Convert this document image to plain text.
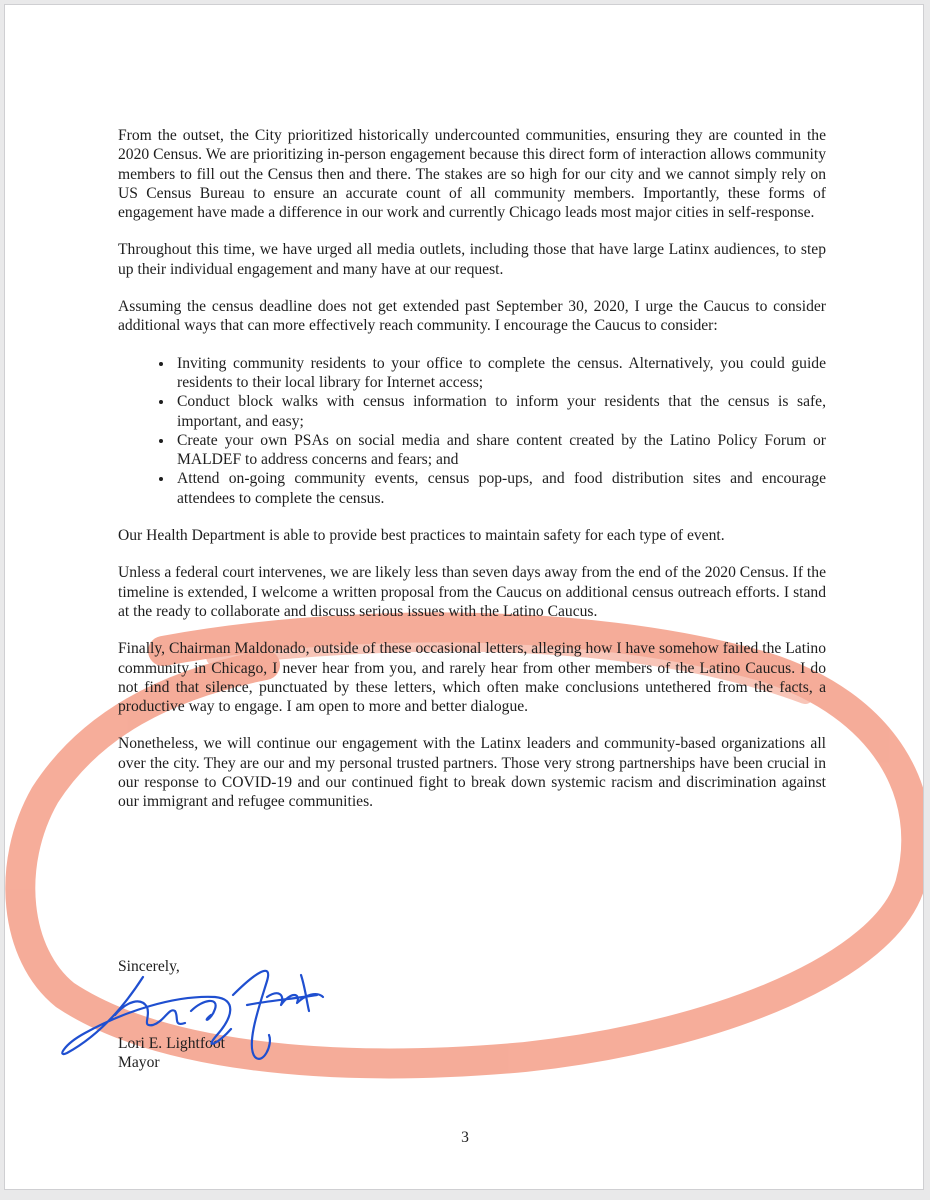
From the outset, the City prioritized historically undercounted communities, ensuring they are counted in the 2020 Census. We are prioritizing in-person engagement because this direct form of interaction allows community members to fill out the Census then and there. The stakes are so high for our city and we cannot simply rely on US Census Bureau to ensure an accurate count of all community members. Importantly, these forms of engagement have made a difference in our work and currently Chicago leads most major cities in self-response.

Throughout this time, we have urged all media outlets, including those that have large Latinx audiences, to step up their individual engagement and many have at our request.

Assuming the census deadline does not get extended past September 30, 2020, I urge the Caucus to consider additional ways that can more effectively reach community. I encourage the Caucus to consider:

• Inviting community residents to your office to complete the census. Alternatively, you could guide residents to their local library for Internet access;
• Conduct block walks with census information to inform your residents that the census is safe, important, and easy;
• Create your own PSAs on social media and share content created by the Latino Policy Forum or MALDEF to address concerns and fears; and
• Attend on-going community events, census pop-ups, and food distribution sites and encourage attendees to complete the census.

Our Health Department is able to provide best practices to maintain safety for each type of event.

Unless a federal court intervenes, we are likely less than seven days away from the end of the 2020 Census. If the timeline is extended, I welcome a written proposal from the Caucus on additional census outreach efforts. I stand at the ready to collaborate and discuss serious issues with the Latino Caucus.

Finally, Chairman Maldonado, outside of these occasional letters, alleging how I have somehow failed the Latino community in Chicago, I never hear from you, and rarely hear from other members of the Latino Caucus. I do not find that silence, punctuated by these letters, which often make conclusions untethered from the facts, a productive way to engage. I am open to more and better dialogue.

Nonetheless, we will continue our engagement with the Latinx leaders and community-based organizations all over the city. They are our and my personal trusted partners. Those very strong partnerships have been crucial in our response to COVID-19 and our continued fight to break down systemic racism and discrimination against our immigrant and refugee communities.

Sincerely,
Lori E. Lightfoot
Mayor
3
